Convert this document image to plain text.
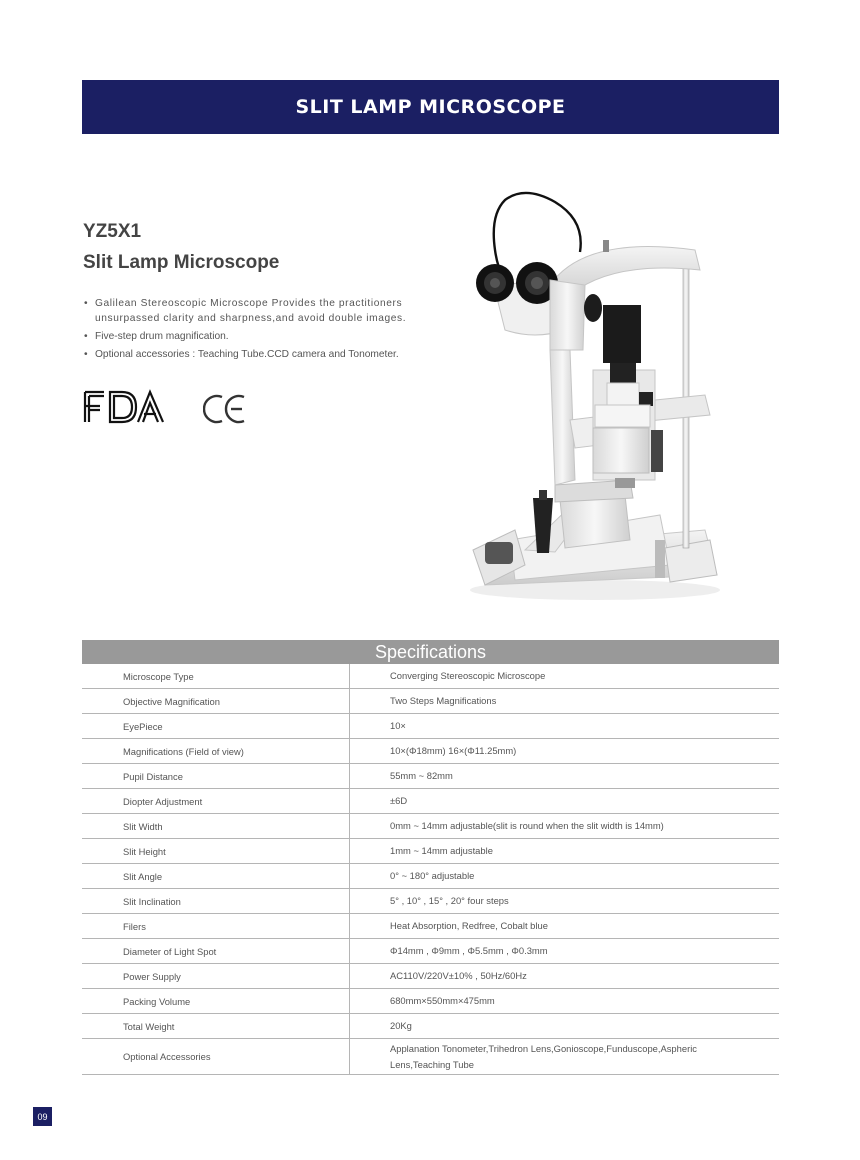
SLIT LAMP MICROSCOPE
YZ5X1
Slit Lamp Microscope
• Galilean Stereoscopic Microscope Provides the practitioners unsurpassed clarity and sharpness,and avoid double images.
• Five-step drum magnification.
• Optional accessories : Teaching Tube.CCD camera and Tonometer.
Specifications
Microscope Type	Converging Stereoscopic Microscope
Objective Magnification	Two Steps Magnifications
EyePiece	10×
Magnifications (Field of view)	10×(Φ18mm) 16×(Φ11.25mm)
Pupil Distance	55mm ~ 82mm
Diopter Adjustment	±6D
Slit Width	0mm ~ 14mm adjustable(slit is round when the slit width is 14mm)
Slit Height	1mm ~ 14mm adjustable
Slit Angle	0° ~ 180° adjustable
Slit Inclination	5° , 10° , 15° , 20° four steps
Filers	Heat Absorption, Redfree, Cobalt blue
Diameter of Light Spot	Φ14mm , Φ9mm , Φ5.5mm , Φ0.3mm
Power Supply	AC110V/220V±10% , 50Hz/60Hz
Packing Volume	680mm×550mm×475mm
Total Weight	20Kg
Optional Accessories	Applanation Tonometer,Trihedron Lens,Gonioscope,Funduscope,Aspheric Lens,Teaching Tube
09
